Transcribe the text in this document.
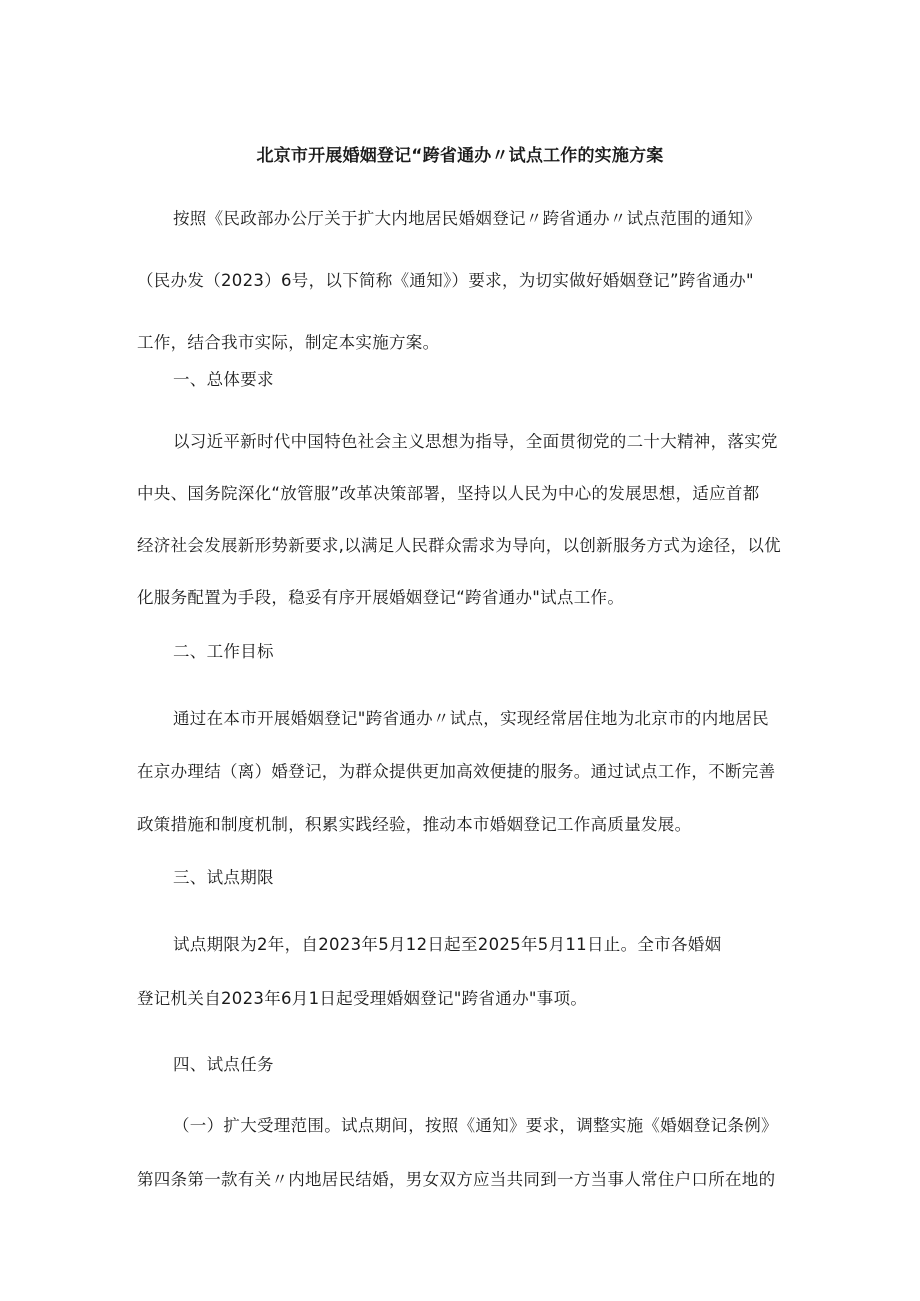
北京市开展婚姻登记“跨省通办〃试点工作的实施方案
按照《民政部办公厅关于扩大内地居民婚姻登记〃跨省通办〃试点范围的通知》
（民办发（2023）6号，以下简称《通知》）要求，为切实做好婚姻登记”跨省通办"
工作，结合我市实际，制定本实施方案。
一、总体要求
以习近平新时代中国特色社会主义思想为指导，全面贯彻党的二十大精神，落实党
中央、国务院深化“放管服”改革决策部署，坚持以人民为中心的发展思想，适应首都
经济社会发展新形势新要求,以满足人民群众需求为导向，以创新服务方式为途径，以优
化服务配置为手段，稳妥有序开展婚姻登记“跨省通办"试点工作。
二、工作目标
通过在本市开展婚姻登记"跨省通办〃试点，实现经常居住地为北京市的内地居民
在京办理结（离）婚登记，为群众提供更加高效便捷的服务。通过试点工作，不断完善
政策措施和制度机制，积累实践经验，推动本市婚姻登记工作高质量发展。
三、试点期限
试点期限为2年，自2023年5月12日起至2025年5月11日止。全市各婚姻
登记机关自2023年6月1日起受理婚姻登记"跨省通办"事项。
四、试点任务
（一）扩大受理范围。试点期间，按照《通知》要求，调整实施《婚姻登记条例》
第四条第一款有关〃内地居民结婚，男女双方应当共同到一方当事人常住户口所在地的
